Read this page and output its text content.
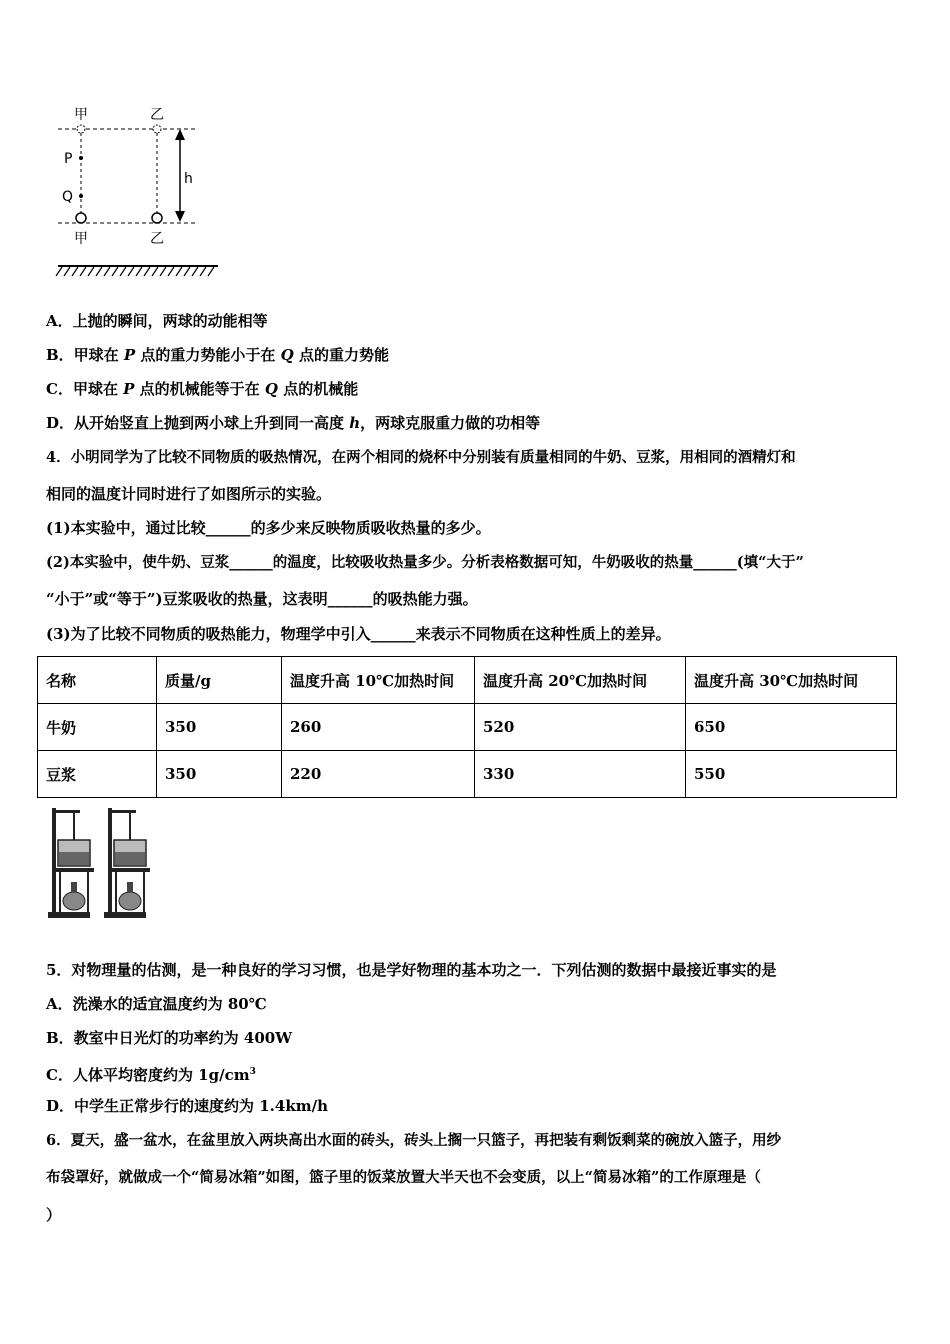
甲	乙
P
Q
h
甲	乙
A．上抛的瞬间，两球的动能相等
B．甲球在 P 点的重力势能小于在 Q 点的重力势能
C．甲球在 P 点的机械能等于在 Q 点的机械能
D．从开始竖直上抛到两小球上升到同一高度 h，两球克服重力做的功相等
4．小明同学为了比较不同物质的吸热情况，在两个相同的烧杯中分别装有质量相同的牛奶、豆浆，用相同的酒精灯和
相同的温度计同时进行了如图所示的实验。
(1)本实验中，通过比较______的多少来反映物质吸收热量的多少。
(2)本实验中，使牛奶、豆浆______的温度，比较吸收热量多少。分析表格数据可知，牛奶吸收的热量______(填“大于”
“小于”或“等于”)豆浆吸收的热量，这表明______的吸热能力强。
(3)为了比较不同物质的吸热能力，物理学中引入______来表示不同物质在这种性质上的差异。
名称	质量/g	温度升高 10℃加热时间	温度升高 20℃加热时间	温度升高 30℃加热时间
牛奶	350	260	520	650
豆浆	350	220	330	550
5．对物理量的估测，是一种良好的学习习惯，也是学好物理的基本功之一．下列估测的数据中最接近事实的是
A．洗澡水的适宜温度约为 80℃
B．教室中日光灯的功率约为 400W
C．人体平均密度约为 $1g/cm^3$
D．中学生正常步行的速度约为 1.4km/h
6．夏天，盛一盆水，在盆里放入两块高出水面的砖头，砖头上搁一只篮子，再把装有剩饭剩菜的碗放入篮子，用纱
布袋罩好，就做成一个“简易冰箱”如图，篮子里的饭菜放置大半天也不会变质，以上“简易冰箱”的工作原理是（
）
